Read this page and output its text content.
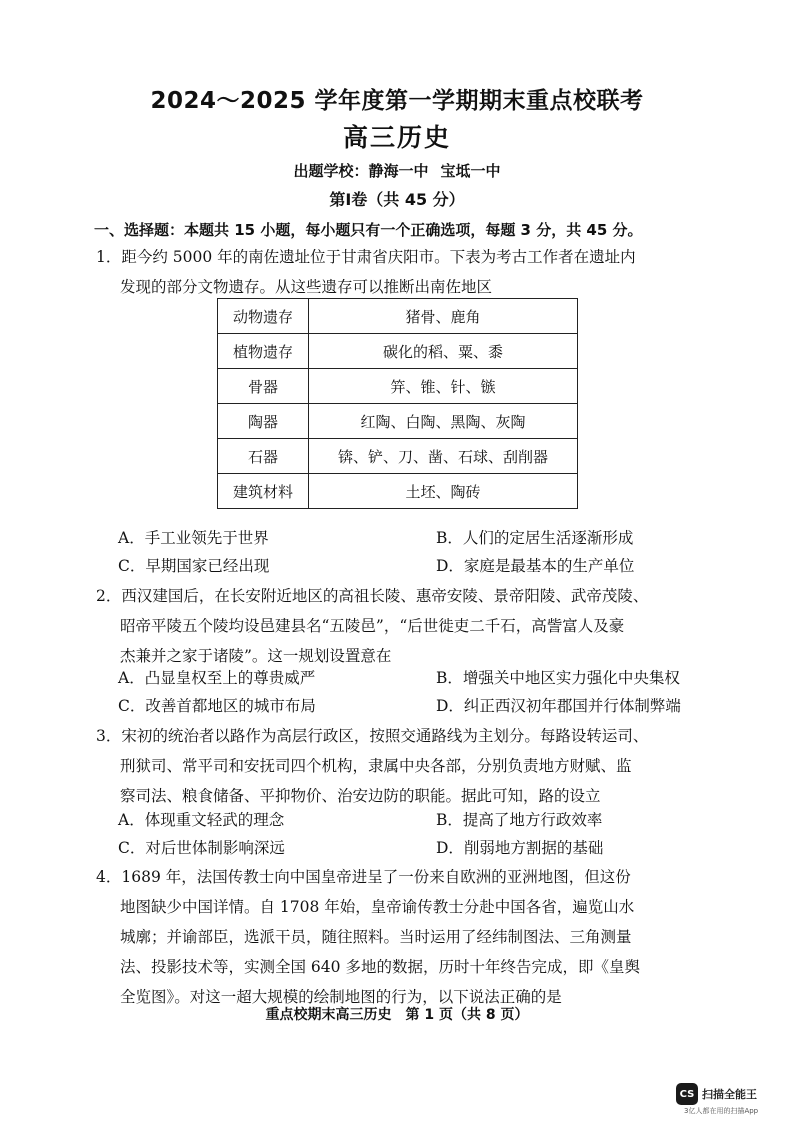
2024～2025 学年度第一学期期末重点校联考
高三历史
出题学校：静海一中 宝坻一中
第Ⅰ卷（共 45 分）
一、选择题：本题共 15 小题，每小题只有一个正确选项，每题 3 分，共 45 分。
1．距今约 5000 年的南佐遗址位于甘肃省庆阳市。下表为考古工作者在遗址内
发现的部分文物遗存。从这些遗存可以推断出南佐地区
动物遗存	猪骨、鹿角
植物遗存	碳化的稻、粟、黍
骨器	笄、锥、针、镞
陶器	红陶、白陶、黑陶、灰陶
石器	锛、铲、刀、凿、石球、刮削器
建筑材料	土坯、陶砖
A．手工业领先于世界	B．人们的定居生活逐渐形成
C．早期国家已经出现	D．家庭是最基本的生产单位
2．西汉建国后，在长安附近地区的高祖长陵、惠帝安陵、景帝阳陵、武帝茂陵、
昭帝平陵五个陵均设邑建县名“五陵邑”，“后世徙吏二千石，高訾富人及豪
杰兼并之家于诸陵”。这一规划设置意在
A．凸显皇权至上的尊贵威严	B．增强关中地区实力强化中央集权
C．改善首都地区的城市布局	D．纠正西汉初年郡国并行体制弊端
3．宋初的统治者以路作为高层行政区，按照交通路线为主划分。每路设转运司、
刑狱司、常平司和安抚司四个机构，隶属中央各部，分别负责地方财赋、监
察司法、粮食储备、平抑物价、治安边防的职能。据此可知，路的设立
A．体现重文轻武的理念	B．提高了地方行政效率
C．对后世体制影响深远	D．削弱地方割据的基础
4．1689 年，法国传教士向中国皇帝进呈了一份来自欧洲的亚洲地图，但这份
地图缺少中国详情。自 1708 年始，皇帝谕传教士分赴中国各省，遍览山水
城廓；并谕部臣，选派干员，随往照料。当时运用了经纬制图法、三角测量
法、投影技术等，实测全国 640 多地的数据，历时十年终告完成，即《皇舆
全览图》。对这一超大规模的绘制地图的行为，以下说法正确的是
重点校期末高三历史　第 1 页（共 8 页）
CS 扫描全能王
3亿人都在用的扫描App
